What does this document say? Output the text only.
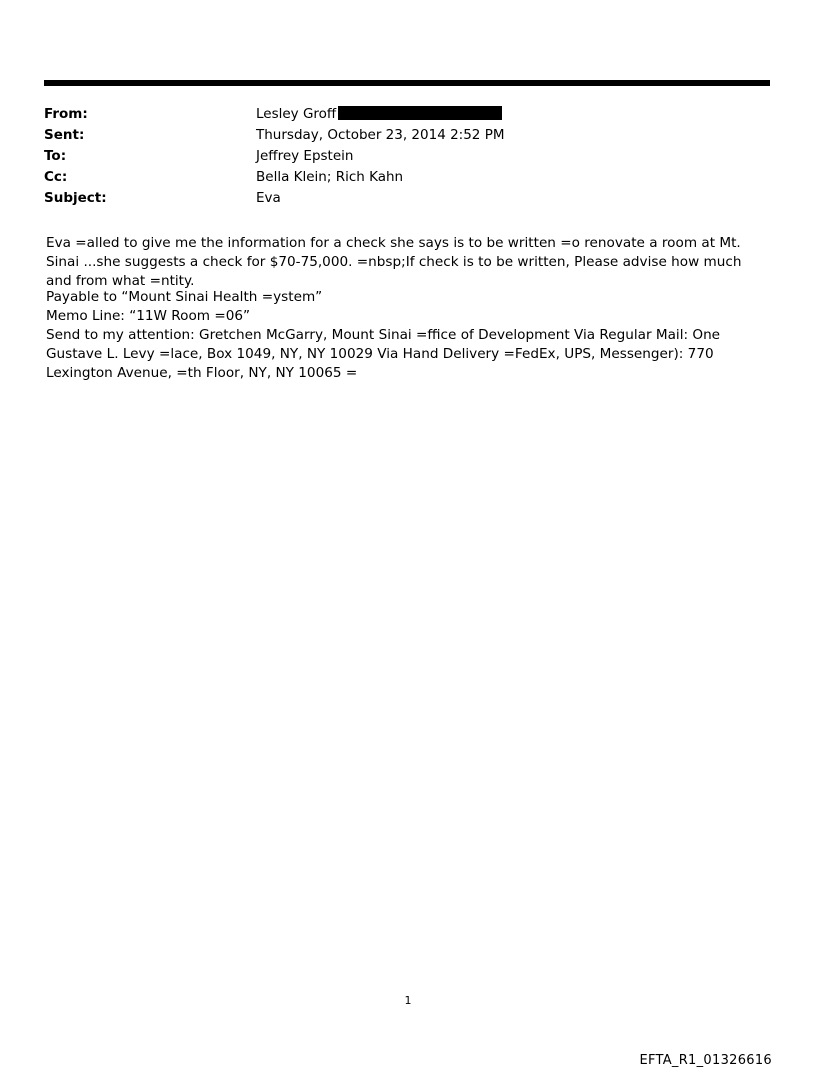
From:	Lesley Groff
Sent:	Thursday, October 23, 2014 2:52 PM
To:	Jeffrey Epstein
Cc:	Bella Klein; Rich Kahn
Subject:	Eva
Eva =alled to give me the information for a check she says is to be written =o renovate a room at Mt. Sinai ...she suggests a check for $70-75,000. =nbsp;If check is to be written, Please advise how much and from what =ntity.
Payable to “Mount Sinai Health =ystem”
Memo Line: “11W Room =06”
Send to my attention: Gretchen McGarry, Mount Sinai =ffice of Development Via Regular Mail: One Gustave L. Levy =lace, Box 1049, NY, NY 10029 Via Hand Delivery =FedEx, UPS, Messenger): 770 Lexington Avenue, =th Floor, NY, NY 10065 =
1
EFTA_R1_01326616
